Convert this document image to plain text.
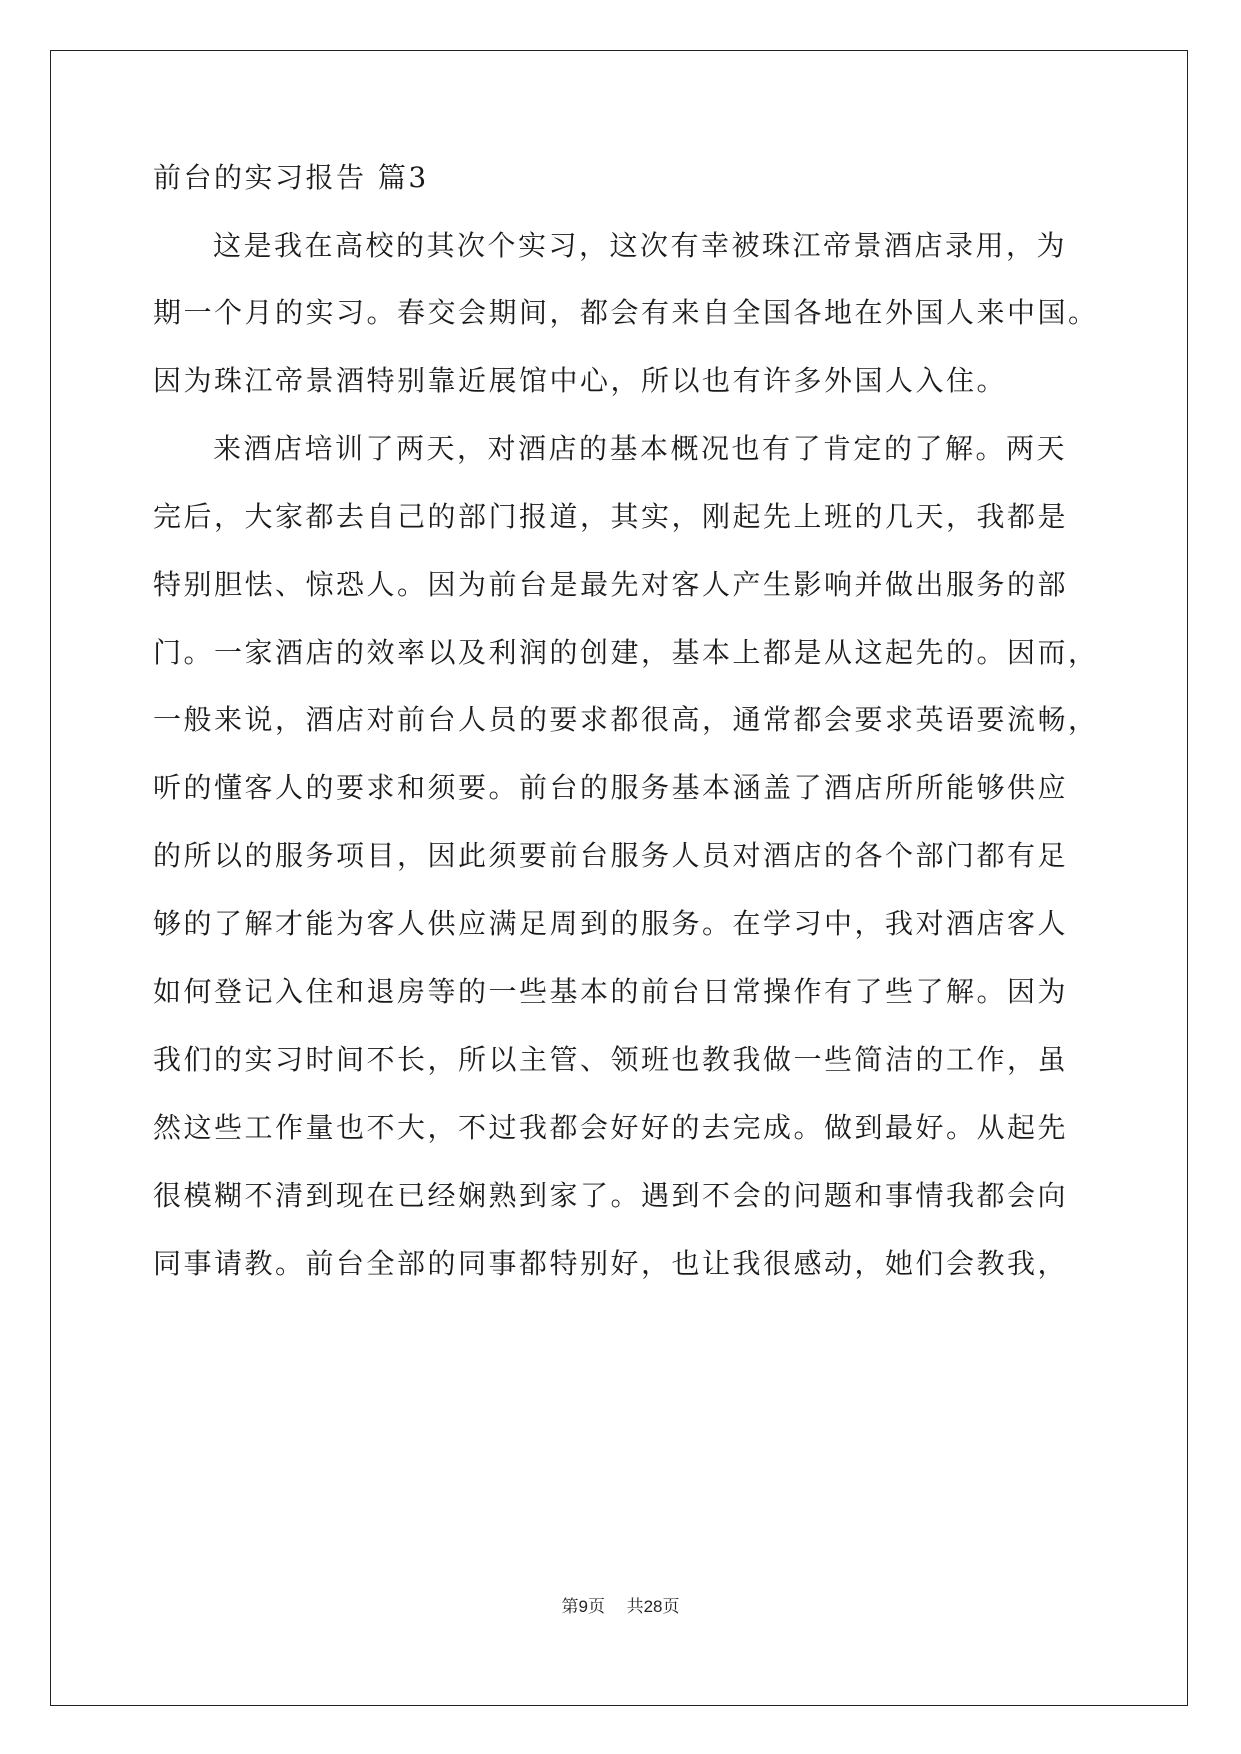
前台的实习报告 篇3
这是我在高校的其次个实习，这次有幸被珠江帝景酒店录用，为
期一个月的实习。春交会期间，都会有来自全国各地在外国人来中国。
因为珠江帝景酒特别靠近展馆中心，所以也有许多外国人入住。
来酒店培训了两天，对酒店的基本概况也有了肯定的了解。两天
完后，大家都去自己的部门报道，其实，刚起先上班的几天，我都是
特别胆怯、惊恐人。因为前台是最先对客人产生影响并做出服务的部
门。一家酒店的效率以及利润的创建，基本上都是从这起先的。因而，
一般来说，酒店对前台人员的要求都很高，通常都会要求英语要流畅，
听的懂客人的要求和须要。前台的服务基本涵盖了酒店所所能够供应
的所以的服务项目，因此须要前台服务人员对酒店的各个部门都有足
够的了解才能为客人供应满足周到的服务。在学习中，我对酒店客人
如何登记入住和退房等的一些基本的前台日常操作有了些了解。因为
我们的实习时间不长，所以主管、领班也教我做一些简洁的工作，虽
然这些工作量也不大，不过我都会好好的去完成。做到最好。从起先
很模糊不清到现在已经娴熟到家了。遇到不会的问题和事情我都会向
同事请教。前台全部的同事都特别好，也让我很感动，她们会教我，
第9页 共28页
